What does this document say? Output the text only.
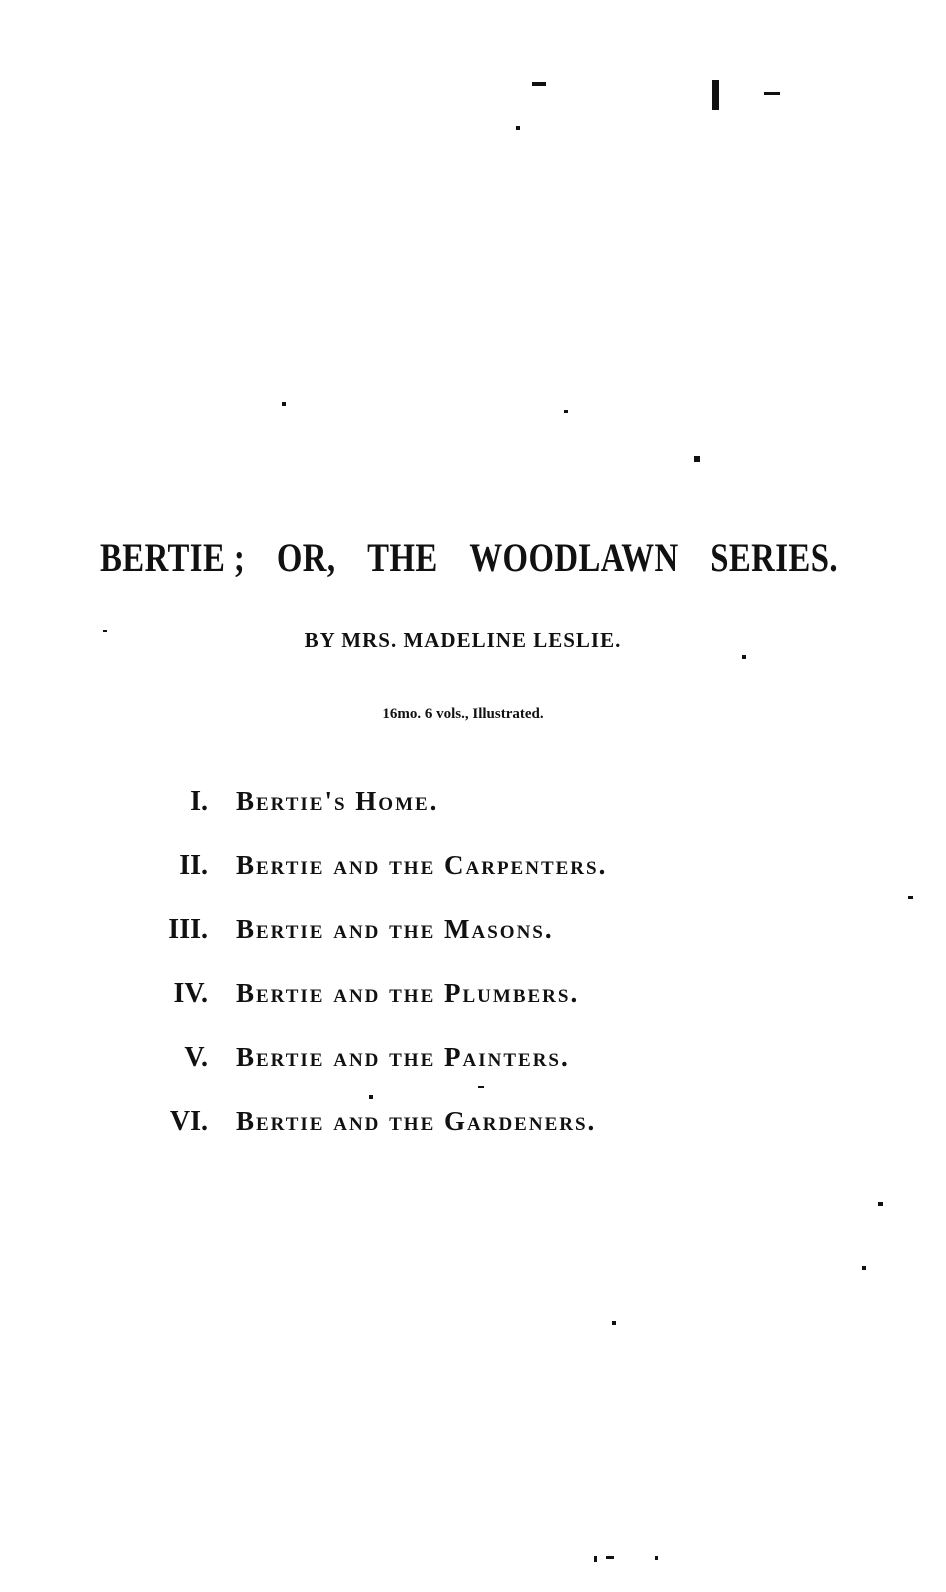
BERTIE ; OR, THE WOODLAWN SERIES.
BY MRS. MADELINE LESLIE.
16mo. 6 vols., Illustrated.
I.	Bertie's Home.
II.	Bertie and the Carpenters.
III.	Bertie and the Masons.
IV.	Bertie and the Plumbers.
V.	Bertie and the Painters.
VI.	Bertie and the Gardeners.
